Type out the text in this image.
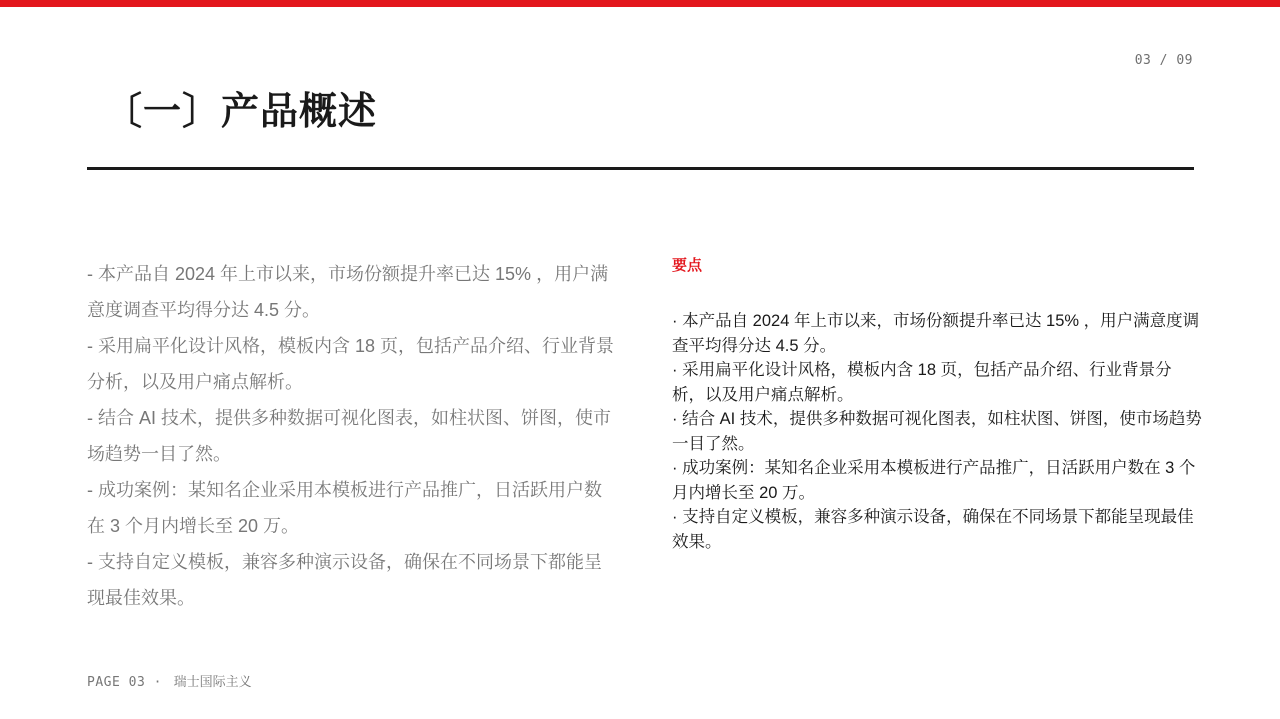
03 / 09
〔一〕产品概述
- 本产品自 2024 年上市以来，市场份额提升率已达 15% ，用户满意度调查平均得分达 4.5 分。
- 采用扁平化设计风格，模板内含 18 页，包括产品介绍、行业背景分析，以及用户痛点解析。
- 结合 AI 技术，提供多种数据可视化图表，如柱状图、饼图，使市场趋势一目了然。
- 成功案例：某知名企业采用本模板进行产品推广，日活跃用户数在 3 个月内增长至 20 万。
- 支持自定义模板，兼容多种演示设备，确保在不同场景下都能呈现最佳效果。
要点
· 本产品自 2024 年上市以来，市场份额提升率已达 15% ，用户满意度调查平均得分达 4.5 分。
· 采用扁平化设计风格，模板内含 18 页，包括产品介绍、行业背景分析，以及用户痛点解析。
· 结合 AI 技术，提供多种数据可视化图表，如柱状图、饼图，使市场趋势一目了然。
· 成功案例：某知名企业采用本模板进行产品推广，日活跃用户数在 3 个月内增长至 20 万。
· 支持自定义模板，兼容多种演示设备，确保在不同场景下都能呈现最佳效果。
PAGE 03 · 瑞士国际主义
